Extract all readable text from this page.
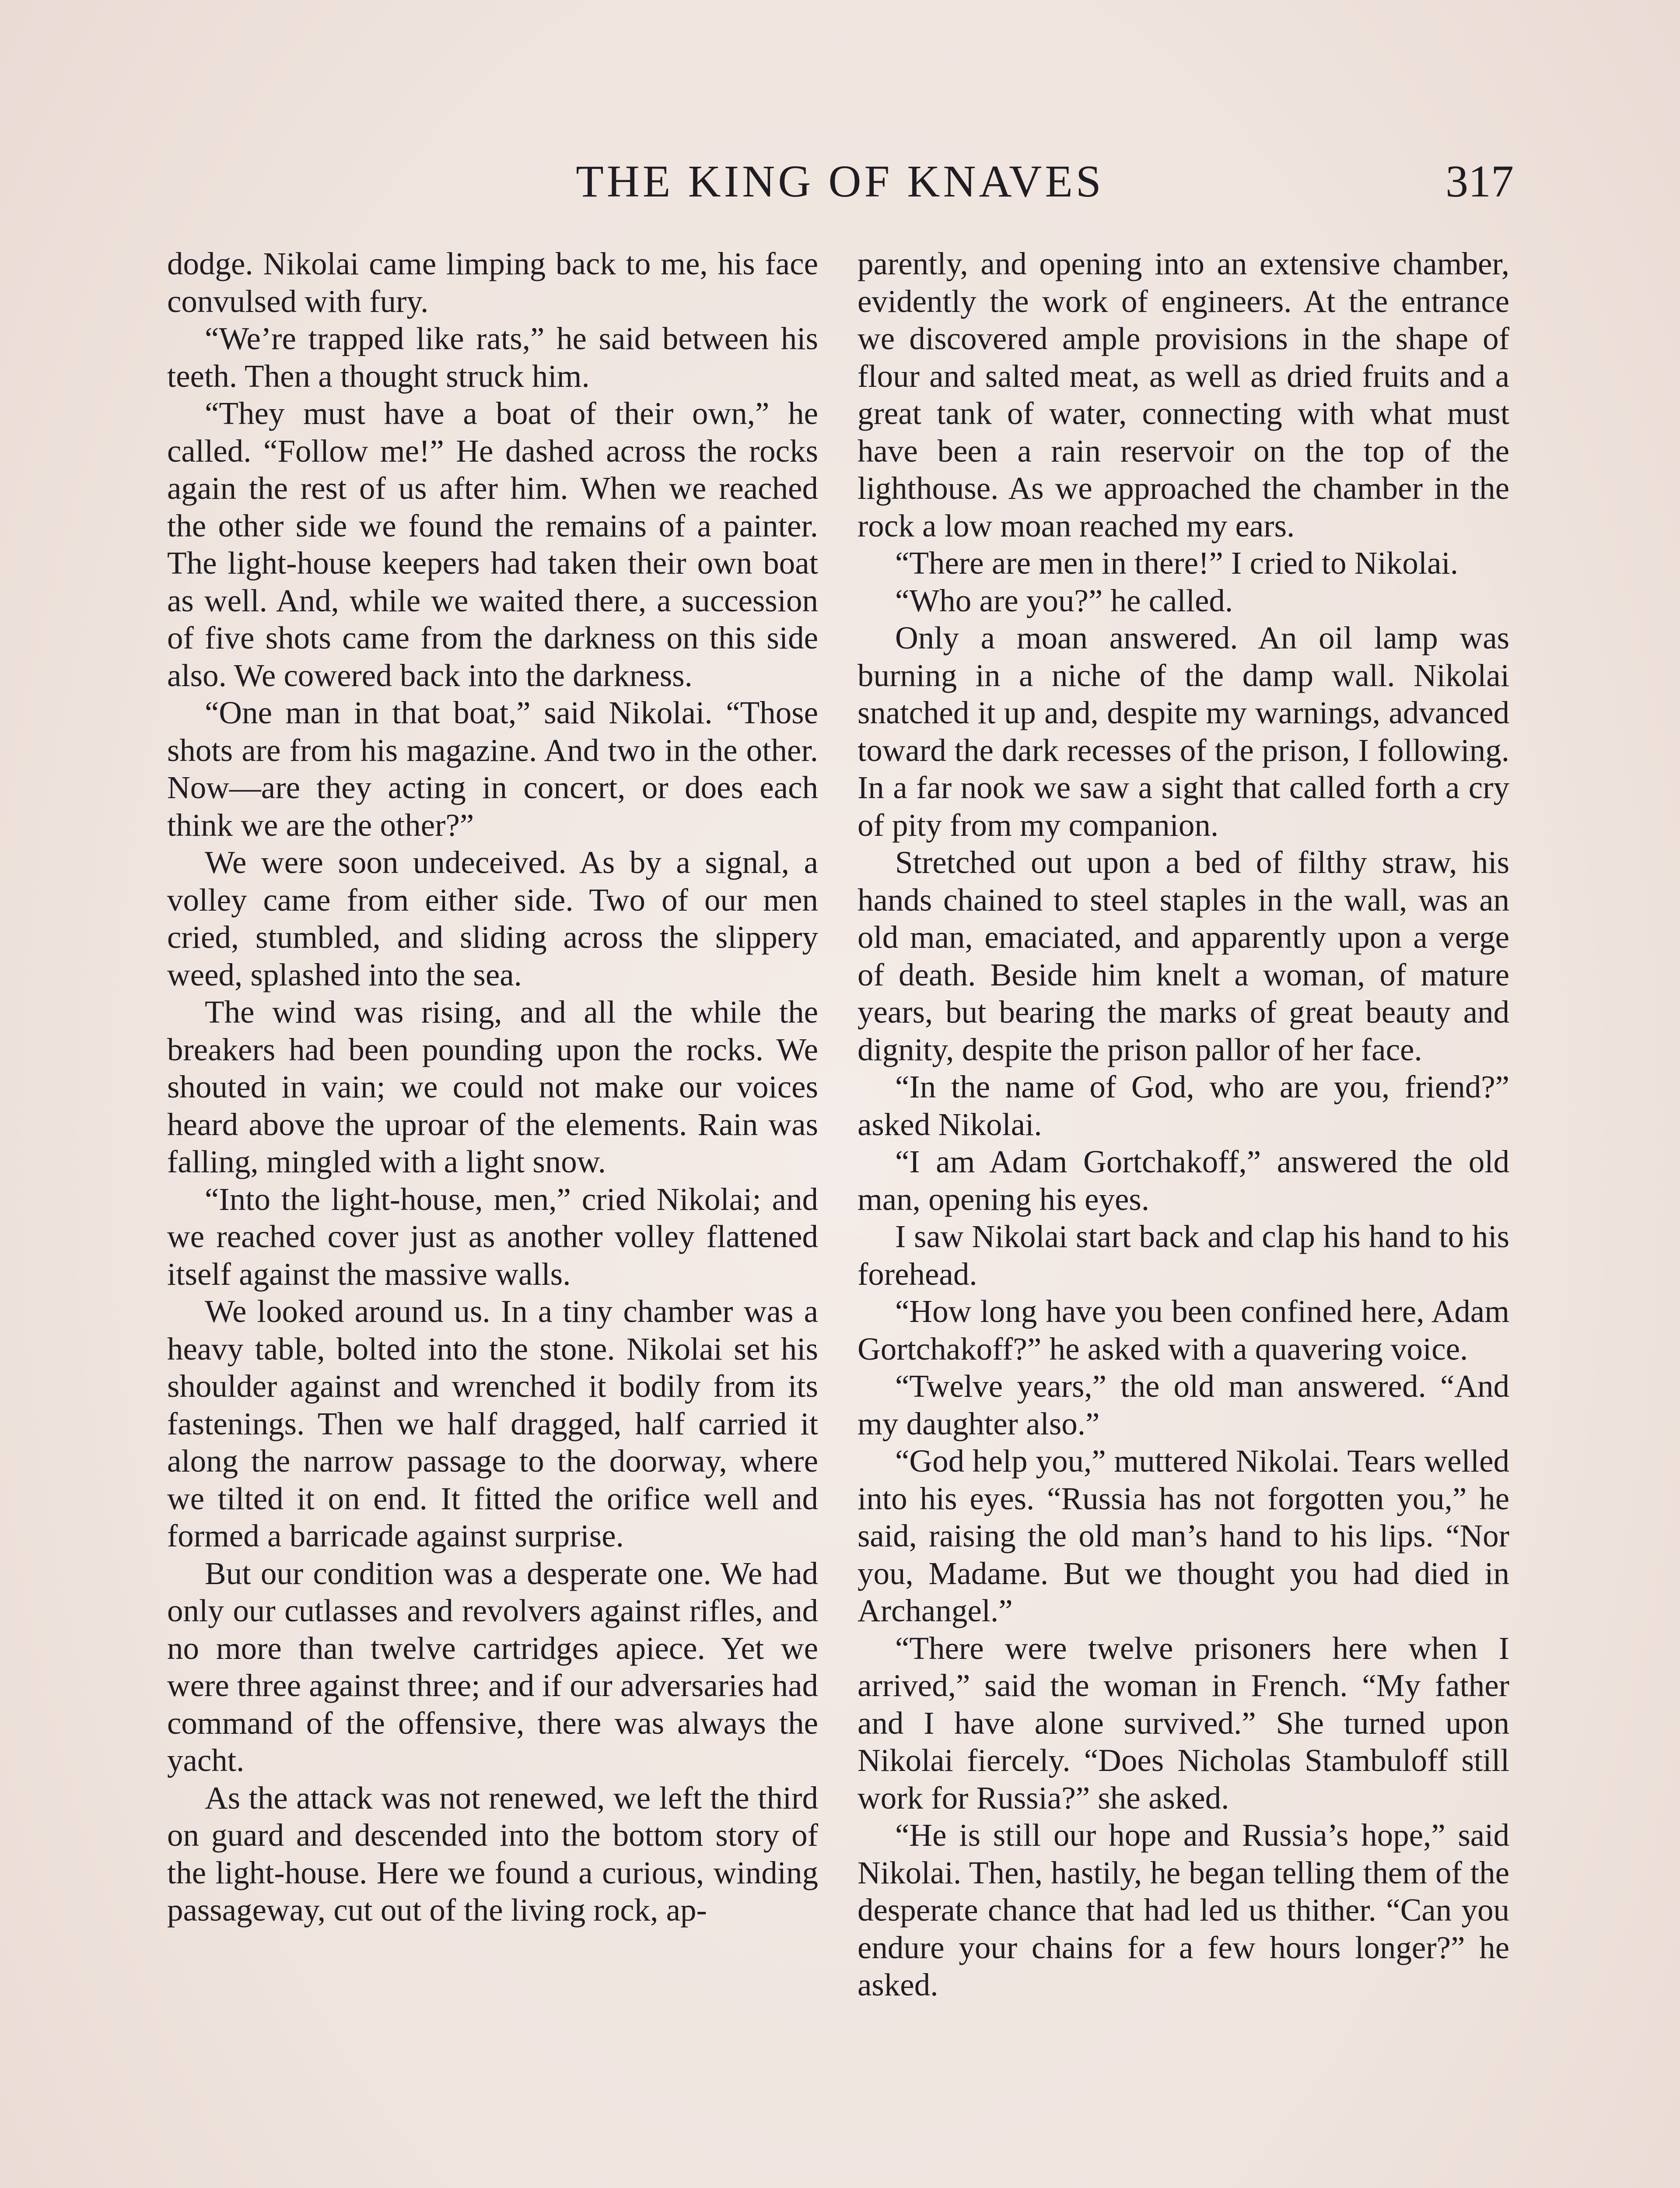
THE KING OF KNAVES	317

dodge. Nikolai came limping back to me, his face convulsed with fury.

“We’re trapped like rats,” he said between his teeth. Then a thought struck him.

“They must have a boat of their own,” he called. “Follow me!” He dashed across the rocks again the rest of us after him. When we reached the other side we found the remains of a painter. The light-house keepers had taken their own boat as well. And, while we waited there, a succession of five shots came from the darkness on this side also. We cowered back into the darkness.

“One man in that boat,” said Nikolai. “Those shots are from his magazine. And two in the other. Now—are they acting in concert, or does each think we are the other?”

We were soon undeceived. As by a signal, a volley came from either side. Two of our men cried, stumbled, and sliding across the slippery weed, splashed into the sea.

The wind was rising, and all the while the breakers had been pounding upon the rocks. We shouted in vain; we could not make our voices heard above the uproar of the elements. Rain was falling, mingled with a light snow.

“Into the light-house, men,” cried Nikolai; and we reached cover just as another volley flattened itself against the massive walls.

We looked around us. In a tiny chamber was a heavy table, bolted into the stone. Nikolai set his shoulder against and wrenched it bodily from its fastenings. Then we half dragged, half carried it along the narrow passage to the doorway, where we tilted it on end. It fitted the orifice well and formed a barricade against surprise.

But our condition was a desperate one. We had only our cutlasses and revolvers against rifles, and no more than twelve cartridges apiece. Yet we were three against three; and if our adversaries had command of the offensive, there was always the yacht.

As the attack was not renewed, we left the third on guard and descended into the bottom story of the light-house. Here we found a curious, winding passageway, cut out of the living rock, ap-

parently, and opening into an extensive chamber, evidently the work of engineers. At the entrance we discovered ample provisions in the shape of flour and salted meat, as well as dried fruits and a great tank of water, connecting with what must have been a rain reservoir on the top of the lighthouse. As we approached the chamber in the rock a low moan reached my ears.

“There are men in there!” I cried to Nikolai.

“Who are you?” he called.

Only a moan answered. An oil lamp was burning in a niche of the damp wall. Nikolai snatched it up and, despite my warnings, advanced toward the dark recesses of the prison, I following. In a far nook we saw a sight that called forth a cry of pity from my companion.

Stretched out upon a bed of filthy straw, his hands chained to steel staples in the wall, was an old man, emaciated, and apparently upon a verge of death. Beside him knelt a woman, of mature years, but bearing the marks of great beauty and dignity, despite the prison pallor of her face.

“In the name of God, who are you, friend?” asked Nikolai.

“I am Adam Gortchakoff,” answered the old man, opening his eyes.

I saw Nikolai start back and clap his hand to his forehead.

“How long have you been confined here, Adam Gortchakoff?” he asked with a quavering voice.

“Twelve years,” the old man answered. “And my daughter also.”

“God help you,” muttered Nikolai. Tears welled into his eyes. “Russia has not forgotten you,” he said, raising the old man’s hand to his lips. “Nor you, Madame. But we thought you had died in Archangel.”

“There were twelve prisoners here when I arrived,” said the woman in French. “My father and I have alone survived.” She turned upon Nikolai fiercely. “Does Nicholas Stambuloff still work for Russia?” she asked.

“He is still our hope and Russia’s hope,” said Nikolai. Then, hastily, he began telling them of the desperate chance that had led us thither. “Can you endure your chains for a few hours longer?” he asked.
